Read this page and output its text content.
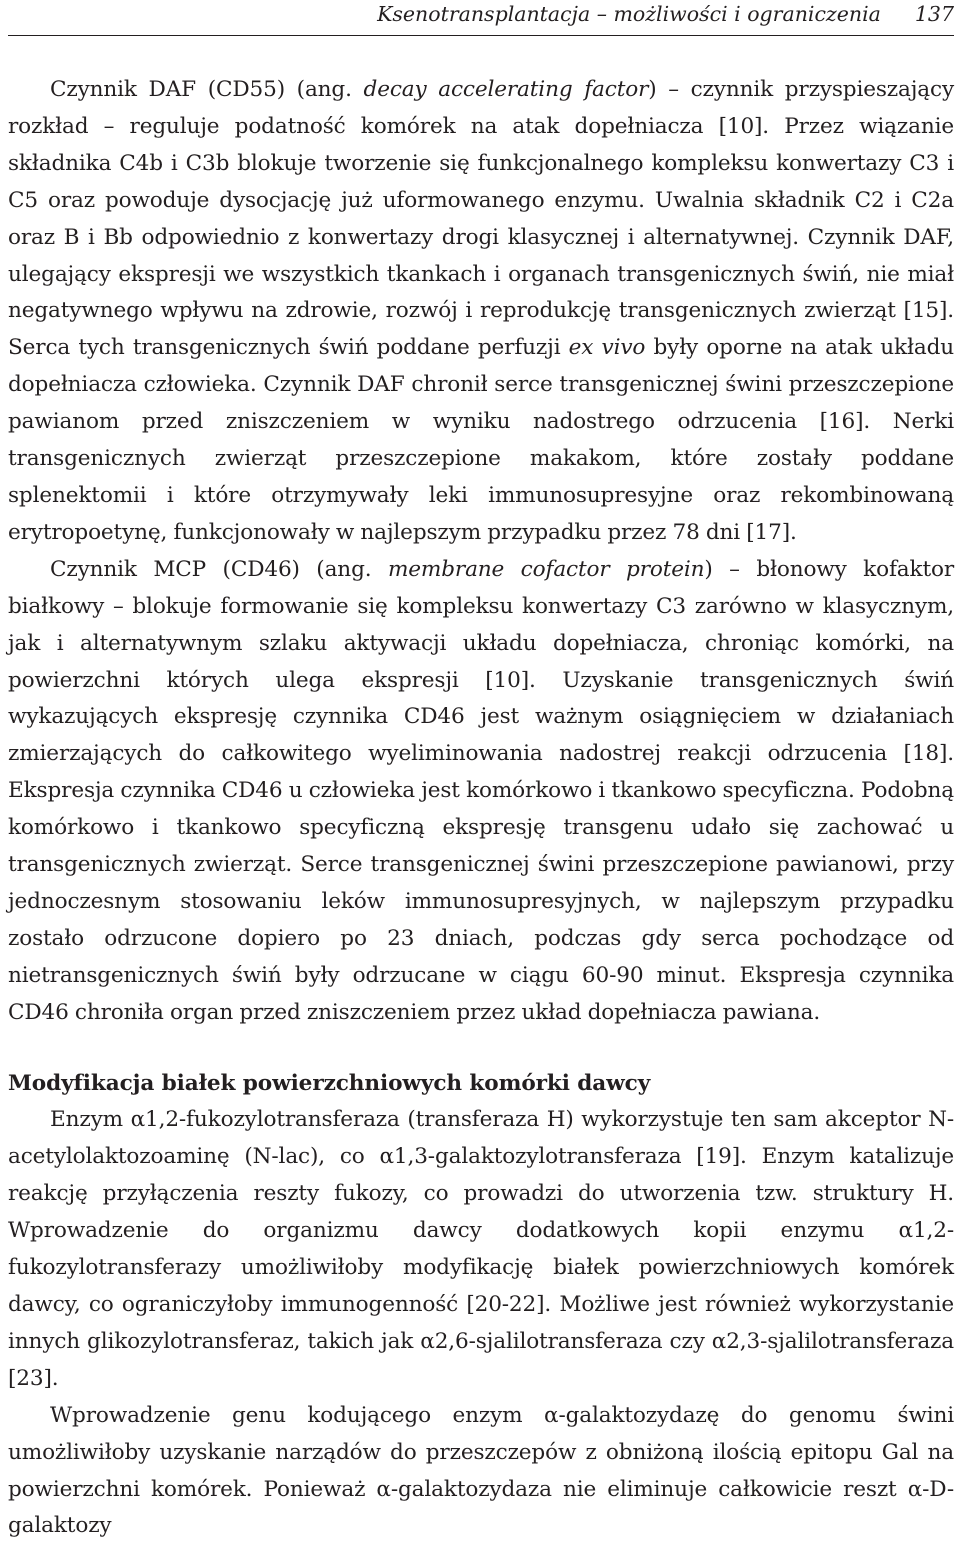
Ksenotransplantacja – możliwości i ograniczenia 137

Czynnik DAF (CD55) (ang. decay accelerating factor) – czynnik przyspieszający rozkład – reguluje podatność komórek na atak dopełniacza [10]. Przez wiązanie składnika C4b i C3b blokuje tworzenie się funkcjonalnego kompleksu konwertazy C3 i C5 oraz powoduje dysocjację już uformowanego enzymu. Uwalnia składnik C2 i C2a oraz B i Bb odpowiednio z konwertazy drogi klasycznej i alternatywnej. Czynnik DAF, ulegający ekspresji we wszystkich tkankach i organach transgenicznych świń, nie miał negatywnego wpływu na zdrowie, rozwój i reprodukcję transgenicznych zwierząt [15]. Serca tych transgenicznych świń poddane perfuzji ex vivo były oporne na atak układu dopełniacza człowieka. Czynnik DAF chronił serce transgenicznej świni przeszczepione pawianom przed zniszczeniem w wyniku nadostrego odrzucenia [16]. Nerki transgenicznych zwierząt przeszczepione makakom, które zostały poddane splenektomii i które otrzymywały leki immunosupresyjne oraz rekombinowaną erytropoetynę, funkcjonowały w najlepszym przypadku przez 78 dni [17].

Czynnik MCP (CD46) (ang. membrane cofactor protein) – błonowy kofaktor białkowy – blokuje formowanie się kompleksu konwertazy C3 zarówno w klasycznym, jak i alternatywnym szlaku aktywacji układu dopełniacza, chroniąc komórki, na powierzchni których ulega ekspresji [10]. Uzyskanie transgenicznych świń wykazujących ekspresję czynnika CD46 jest ważnym osiągnięciem w działaniach zmierzających do całkowitego wyeliminowania nadostrej reakcji odrzucenia [18]. Ekspresja czynnika CD46 u człowieka jest komórkowo i tkankowo specyficzna. Podobną komórkowo i tkankowo specyficzną ekspresję transgenu udało się zachować u transgenicznych zwierząt. Serce transgenicznej świni przeszczepione pawianowi, przy jednoczesnym stosowaniu leków immunosupresyjnych, w najlepszym przypadku zostało odrzucone dopiero po 23 dniach, podczas gdy serca pochodzące od nietransgenicznych świń były odrzucane w ciągu 60-90 minut. Ekspresja czynnika CD46 chroniła organ przed zniszczeniem przez układ dopełniacza pawiana.

Modyfikacja białek powierzchniowych komórki dawcy

Enzym α1,2-fukozylotransferaza (transferaza H) wykorzystuje ten sam akceptor N-acetylolaktozoaminę (N-lac), co α1,3-galaktozylotransferaza [19]. Enzym katalizuje reakcję przyłączenia reszty fukozy, co prowadzi do utworzenia tzw. struktury H. Wprowadzenie do organizmu dawcy dodatkowych kopii enzymu α1,2-fukozylotransferazy umożliwiłoby modyfikację białek powierzchniowych komórek dawcy, co ograniczyłoby immunogenność [20-22]. Możliwe jest również wykorzystanie innych glikozylotransferaz, takich jak α2,6-sjalilotransferaza czy α2,3-sjalilotransferaza [23].

Wprowadzenie genu kodującego enzym α-galaktozydazę do genomu świni umożliwiłoby uzyskanie narządów do przeszczepów z obniżoną ilością epitopu Gal na powierzchni komórek. Ponieważ α-galaktozydaza nie eliminuje całkowicie reszt α-D-galaktozy
